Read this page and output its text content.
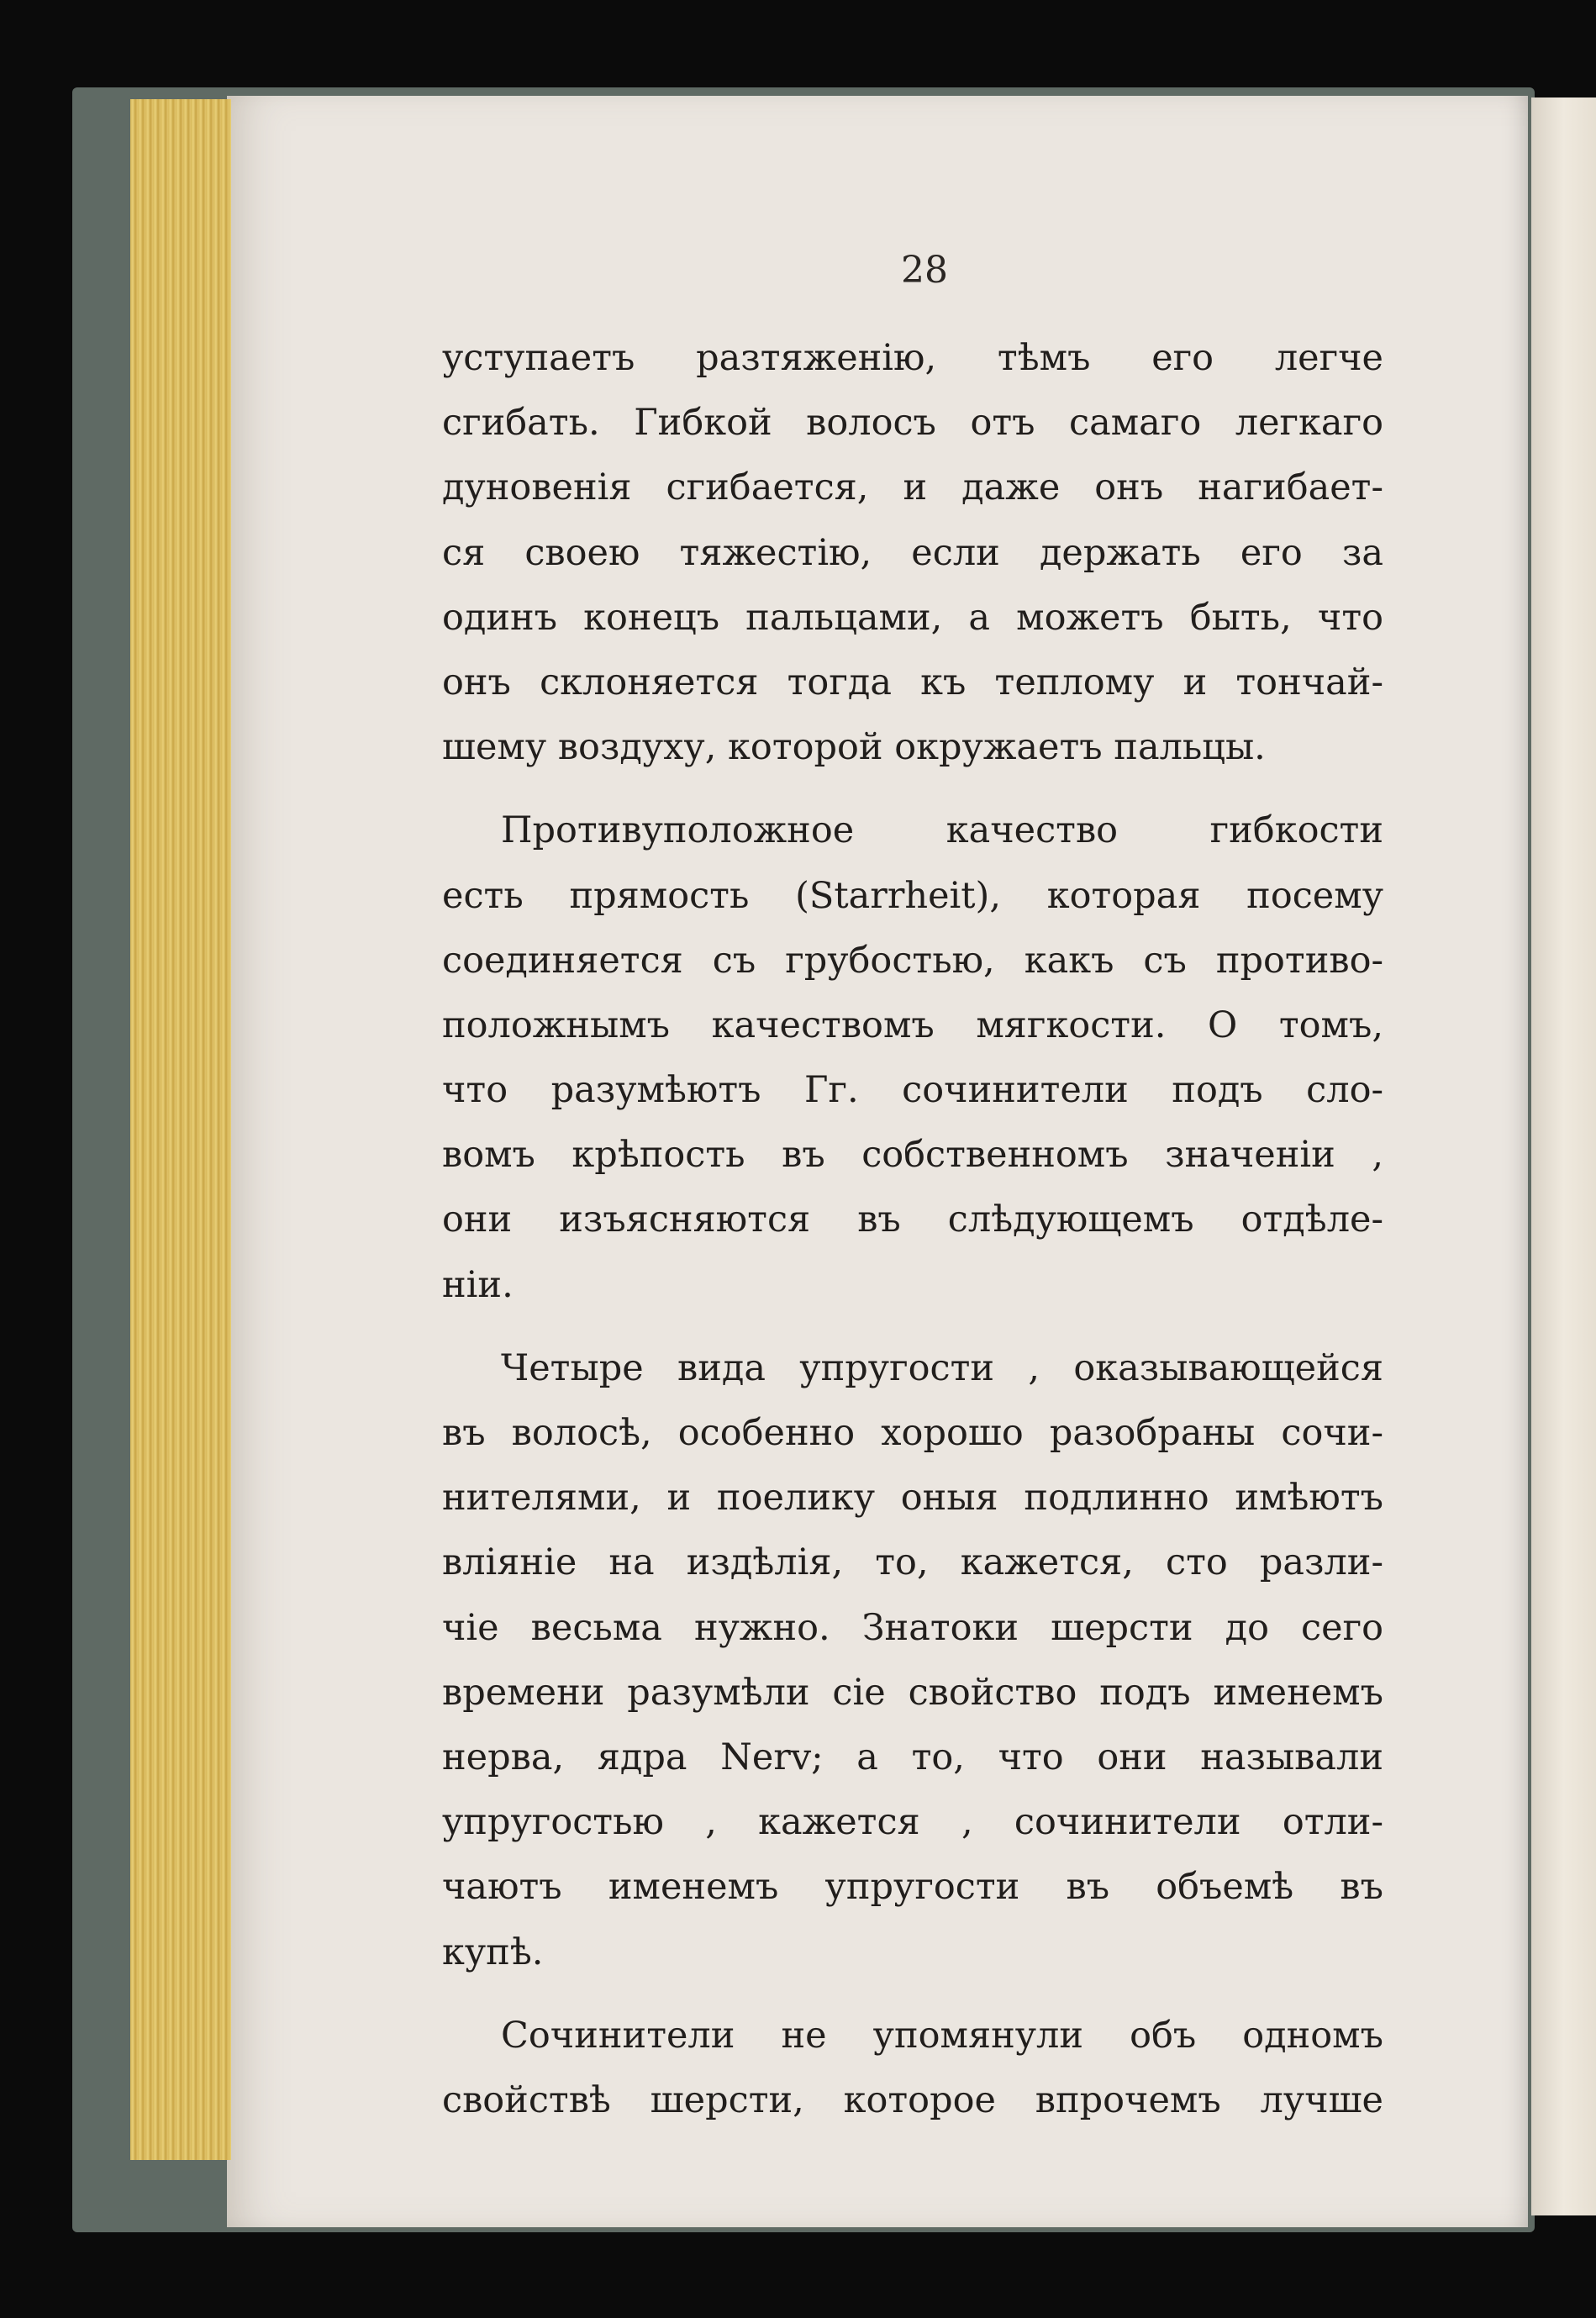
28
уступаетъ разтяженію, тѣмъ его легче
сгибать. Гибкой волосъ отъ самаго легкаго
дуновенія сгибается, и даже онъ нагибает-
ся своею тяжестію, если держать его за
одинъ конецъ пальцами, а можетъ быть, что
онъ склоняется тогда къ теплому и тончай-
шему воздуху, которой окружаетъ пальцы.
Противуположное качество гибкости
есть прямость (Starrheit), которая посему
соединяется съ грубостью, какъ съ противо-
положнымъ качествомъ мягкости. О томъ,
что разумѣютъ Гг. сочинители подъ сло-
вомъ крѣпость въ собственномъ значеніи ,
они изъясняются въ слѣдующемъ отдѣле-
ніи.
Четыре вида упругости , оказывающейся
въ волосѣ, особенно хорошо разобраны сочи-
нителями, и поелику оныя подлинно имѣютъ
вліяніе на издѣлія, то, кажется, сто разли-
чіе весьма нужно. Знатоки шерсти до сего
времени разумѣли сіе свойство подъ именемъ
нерва, ядра Nerv; а то, что они называли
упругостью , кажется , сочинители отли-
чаютъ именемъ упругости въ объемѣ въ
купѣ.
Сочинители не упомянули объ одномъ
свойствѣ шерсти, которое впрочемъ лучше
